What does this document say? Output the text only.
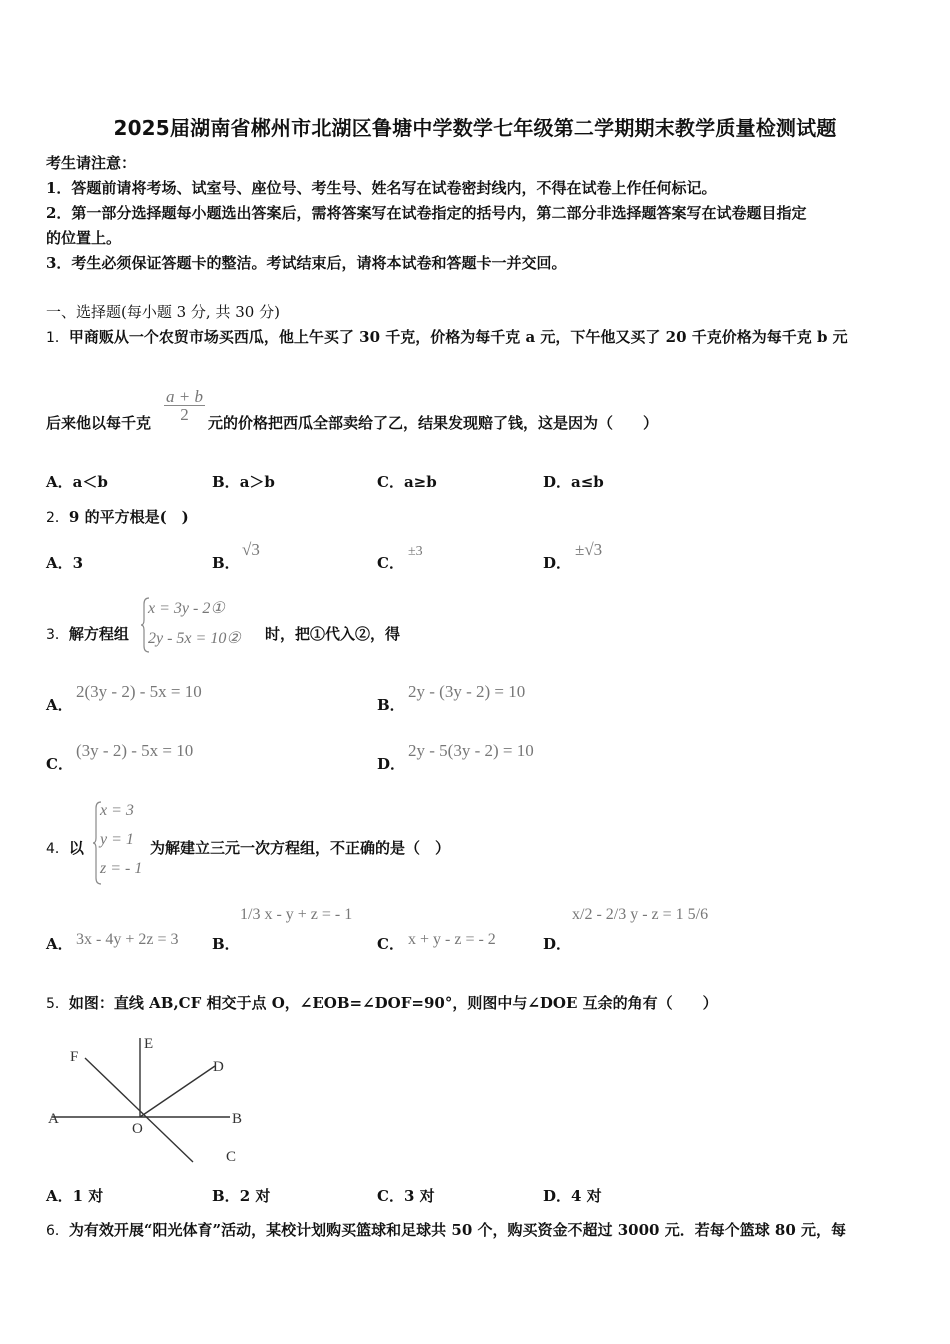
2025届湖南省郴州市北湖区鲁塘中学数学七年级第二学期期末教学质量检测试题
考生请注意：
1．答题前请将考场、试室号、座位号、考生号、姓名写在试卷密封线内，不得在试卷上作任何标记。
2．第一部分选择题每小题选出答案后，需将答案写在试卷指定的括号内，第二部分非选择题答案写在试卷题目指定
的位置上。
3．考生必须保证答题卡的整洁。考试结束后，请将本试卷和答题卡一并交回。
一、选择题(每小题 3 分, 共 30 分)
1．甲商贩从一个农贸市场买西瓜，他上午买了 30 千克，价格为每千克 a 元，下午他又买了 20 千克价格为每千克 b 元
后来他以每千克 $\frac{a + b}{2}$ 元的价格把西瓜全部卖给了乙，结果发现赔了钱，这是因为（　　）
A．a＜b	B．a＞b	C．a≥b	D．a≤b
2．9 的平方根是(　)
A．3	B．
√3
C．
±3
D．
±√3
3．解方程组
x = 3y - 2①
2y - 5x = 10② 时，把①代入②，得
A．
2(3y - 2) - 5x = 10
B．
2y - (3y - 2) = 10
C．
(3y - 2) - 5x = 10
D．
2y - 5(3y - 2) = 10
4．以
x = 3
y = 1
z = - 1
为解建立三元一次方程组，不正确的是（　）
A． 3x - 4y + 2z = 3 B．
1/3 x - y + z = - 1
C． x + y - z = - 2	D．
x/2 - 2/3 y - z = 1 5/6
5．如图：直线 AB,CF 相交于点 O，∠EOB=∠DOF=90°，则图中与∠DOE 互余的角有（　　）
A	B
C
D
E
F
O
A．1 对	B．2 对	C．3 对	D．4 对
6．为有效开展“阳光体育”活动，某校计划购买篮球和足球共 50 个，购买资金不超过 3000 元．若每个篮球 80 元，每
